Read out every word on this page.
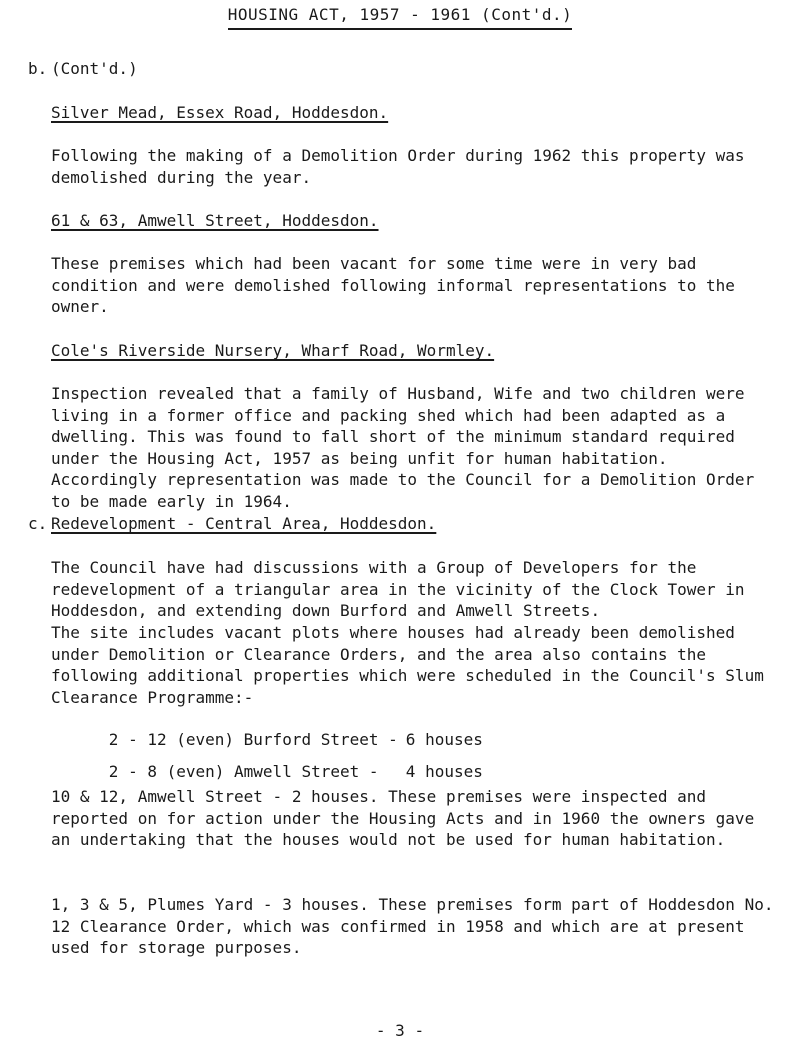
HOUSING ACT, 1957 - 1961 (Cont'd.)
b. (Cont'd.)
Silver Mead, Essex Road, Hoddesdon.

Following the making of a Demolition Order during 1962 this property was demolished during the year.

61 & 63, Amwell Street, Hoddesdon.

These premises which had been vacant for some time were in very bad condition and were demolished following informal representations to the owner.

Cole's Riverside Nursery, Wharf Road, Wormley.

Inspection revealed that a family of Husband, Wife and two children were living in a former office and packing shed which had been adapted as a dwelling. This was found to fall short of the minimum standard required under the Housing Act, 1957 as being unfit for human habitation. Accordingly representation was made to the Council for a Demolition Order to be made early in 1964.

c. Redevelopment - Central Area, Hoddesdon.

The Council have had discussions with a Group of Developers for the redevelopment of a triangular area in the vicinity of the Clock Tower in Hoddesdon, and extending down Burford and Amwell Streets.

The site includes vacant plots where houses had already been demolished under Demolition or Clearance Orders, and the area also contains the following additional properties which were scheduled in the Council's Slum Clearance Programme:-

2 - 12 (even) Burford Street - 6 houses

2 - 8 (even) Amwell Street - 4 houses

10 & 12, Amwell Street - 2 houses. These premises were inspected and reported on for action under the Housing Acts and in 1960 the owners gave an undertaking that the houses would not be used for human habitation.

1, 3 & 5, Plumes Yard - 3 houses. These premises form part of Hoddesdon No. 12 Clearance Order, which was confirmed in 1958 and which are at present used for storage purposes.

- 3 -
